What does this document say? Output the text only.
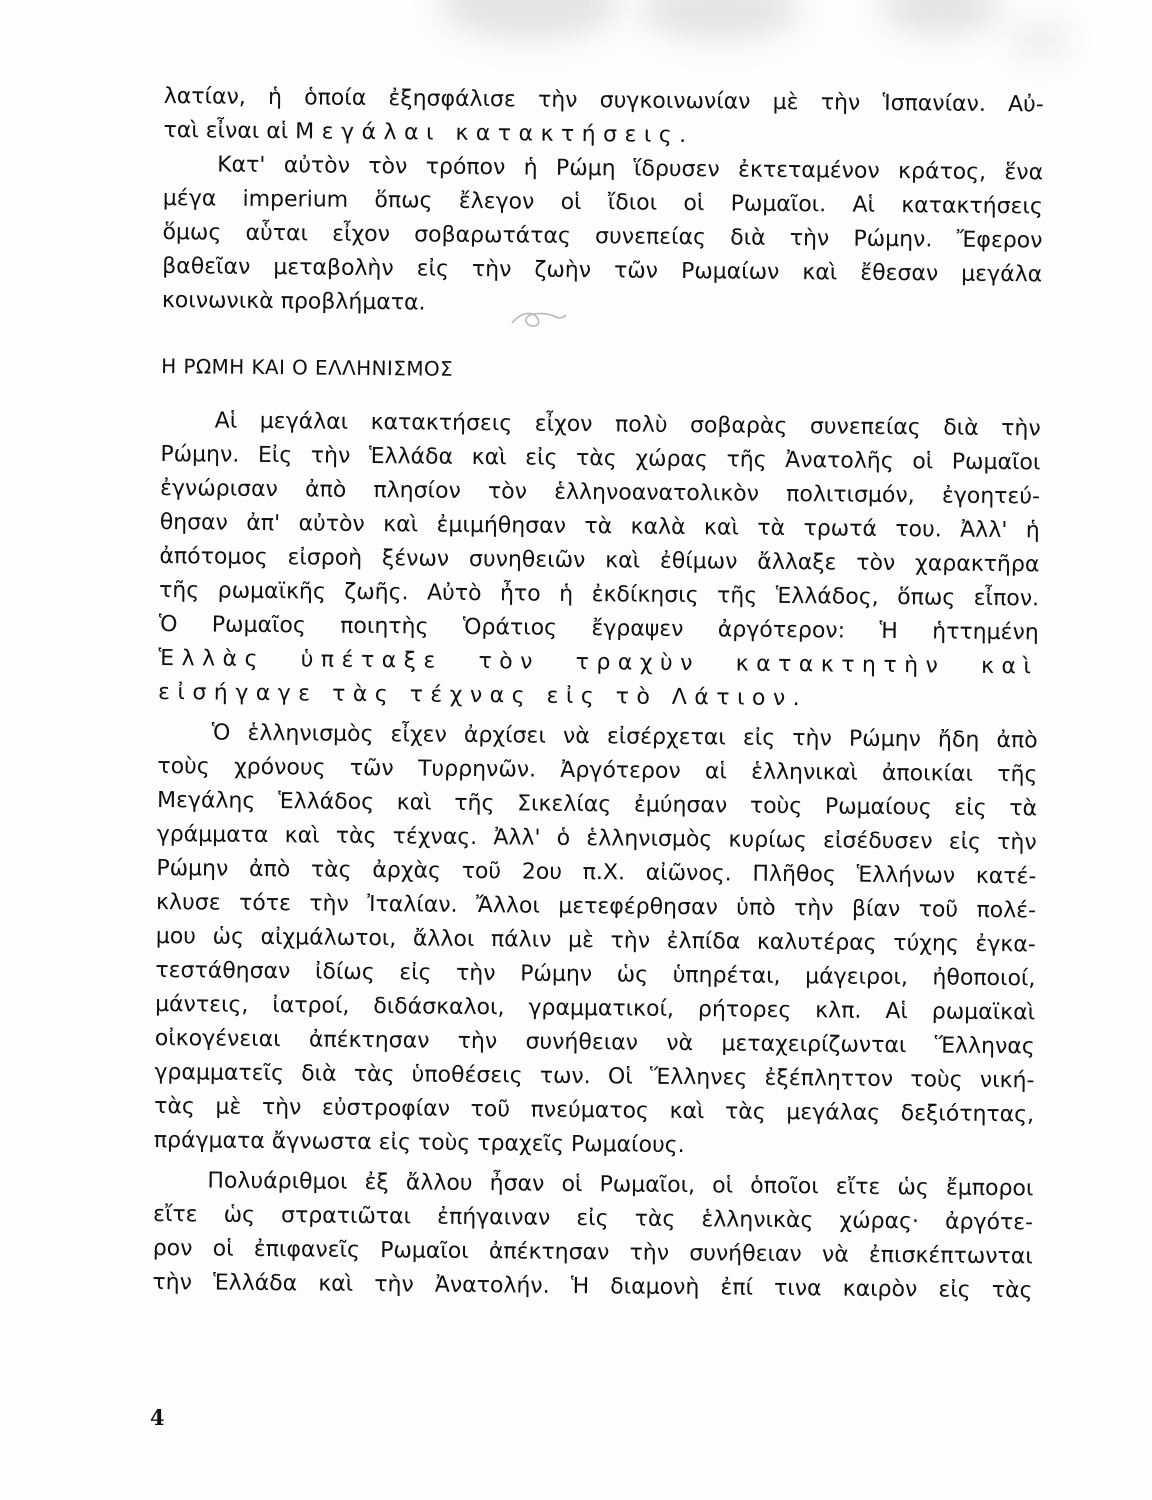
λατίαν, ἡ ὁποία ἐξησφάλισε τὴν συγκοινωνίαν μὲ τὴν Ἱσπανίαν. Αὐ-
ταὶ εἶναι αἱ Μεγάλαι κατακτήσεις.
Κατ' αὐτὸν τὸν τρόπον ἡ Ρώμη ἵδρυσεν ἐκτεταμένον κράτος, ἕνα
μέγα imperium ὅπως ἔλεγον οἱ ἴδιοι οἱ Ρωμαῖοι. Αἱ κατακτήσεις
ὅμως αὗται εἶχον σοβαρωτάτας συνεπείας διὰ τὴν Ρώμην. Ἔφερον
βαθεῖαν μεταβολὴν εἰς τὴν ζωὴν τῶν Ρωμαίων καὶ ἔθεσαν μεγάλα
κοινωνικὰ προβλήματα.
Η ΡΩΜΗ ΚΑΙ Ο ΕΛΛΗΝΙΣΜΟΣ
Αἱ μεγάλαι κατακτήσεις εἶχον πολὺ σοβαρὰς συνεπείας διὰ τὴν
Ρώμην. Εἰς τὴν Ἑλλάδα καὶ εἰς τὰς χώρας τῆς Ἀνατολῆς οἱ Ρωμαῖοι
ἐγνώρισαν ἀπὸ πλησίον τὸν ἑλληνοανατολικὸν πολιτισμόν, ἐγοητεύ-
θησαν ἀπ' αὐτὸν καὶ ἐμιμήθησαν τὰ καλὰ καὶ τὰ τρωτά του. Ἀλλ' ἡ
ἀπότομος εἰσροὴ ξένων συνηθειῶν καὶ ἐθίμων ἄλλαξε τὸν χαρακτῆρα
τῆς ρωμαϊκῆς ζωῆς. Αὐτὸ ἦτο ἡ ἐκδίκησις τῆς Ἑλλάδος, ὅπως εἶπον.
Ὁ Ρωμαῖος ποιητὴς Ὁράτιος ἔγραψεν ἀργότερον: Ἡ ἡττημένη
Ἑλλὰς ὑπέταξε τὸν τραχὺν κατακτητὴν καὶ
εἰσήγαγε τὰς τέχνας εἰς τὸ Λάτιον.
Ὁ ἑλληνισμὸς εἶχεν ἀρχίσει νὰ εἰσέρχεται εἰς τὴν Ρώμην ἤδη ἀπὸ
τοὺς χρόνους τῶν Τυρρηνῶν. Ἀργότερον αἱ ἑλληνικαὶ ἀποικίαι τῆς
Μεγάλης Ἑλλάδος καὶ τῆς Σικελίας ἐμύησαν τοὺς Ρωμαίους εἰς τὰ
γράμματα καὶ τὰς τέχνας. Ἀλλ' ὁ ἑλληνισμὸς κυρίως εἰσέδυσεν εἰς τὴν
Ρώμην ἀπὸ τὰς ἀρχὰς τοῦ 2ου π.Χ. αἰῶνος. Πλῆθος Ἑλλήνων κατέ-
κλυσε τότε τὴν Ἰταλίαν. Ἄλλοι μετεφέρθησαν ὑπὸ τὴν βίαν τοῦ πολέ-
μου ὡς αἰχμάλωτοι, ἄλλοι πάλιν μὲ τὴν ἐλπίδα καλυτέρας τύχης ἐγκα-
τεστάθησαν ἰδίως εἰς τὴν Ρώμην ὡς ὑπηρέται, μάγειροι, ἠθοποιοί,
μάντεις, ἰατροί, διδάσκαλοι, γραμματικοί, ρήτορες κλπ. Αἱ ρωμαϊκαὶ
οἰκογένειαι ἀπέκτησαν τὴν συνήθειαν νὰ μεταχειρίζωνται Ἕλληνας
γραμματεῖς διὰ τὰς ὑποθέσεις των. Οἱ Ἕλληνες ἐξέπληττον τοὺς νική-
τὰς μὲ τὴν εὐστροφίαν τοῦ πνεύματος καὶ τὰς μεγάλας δεξιότητας,
πράγματα ἄγνωστα εἰς τοὺς τραχεῖς Ρωμαίους.
Πολυάριθμοι ἐξ ἄλλου ἦσαν οἱ Ρωμαῖοι, οἱ ὁποῖοι εἴτε ὡς ἔμποροι
εἴτε ὡς στρατιῶται ἐπήγαιναν εἰς τὰς ἑλληνικὰς χώρας· ἀργότε-
ρον οἱ ἐπιφανεῖς Ρωμαῖοι ἀπέκτησαν τὴν συνήθειαν νὰ ἐπισκέπτωνται
τὴν Ἑλλάδα καὶ τὴν Ἀνατολήν. Ἡ διαμονὴ ἐπί τινα καιρὸν εἰς τὰς
4
